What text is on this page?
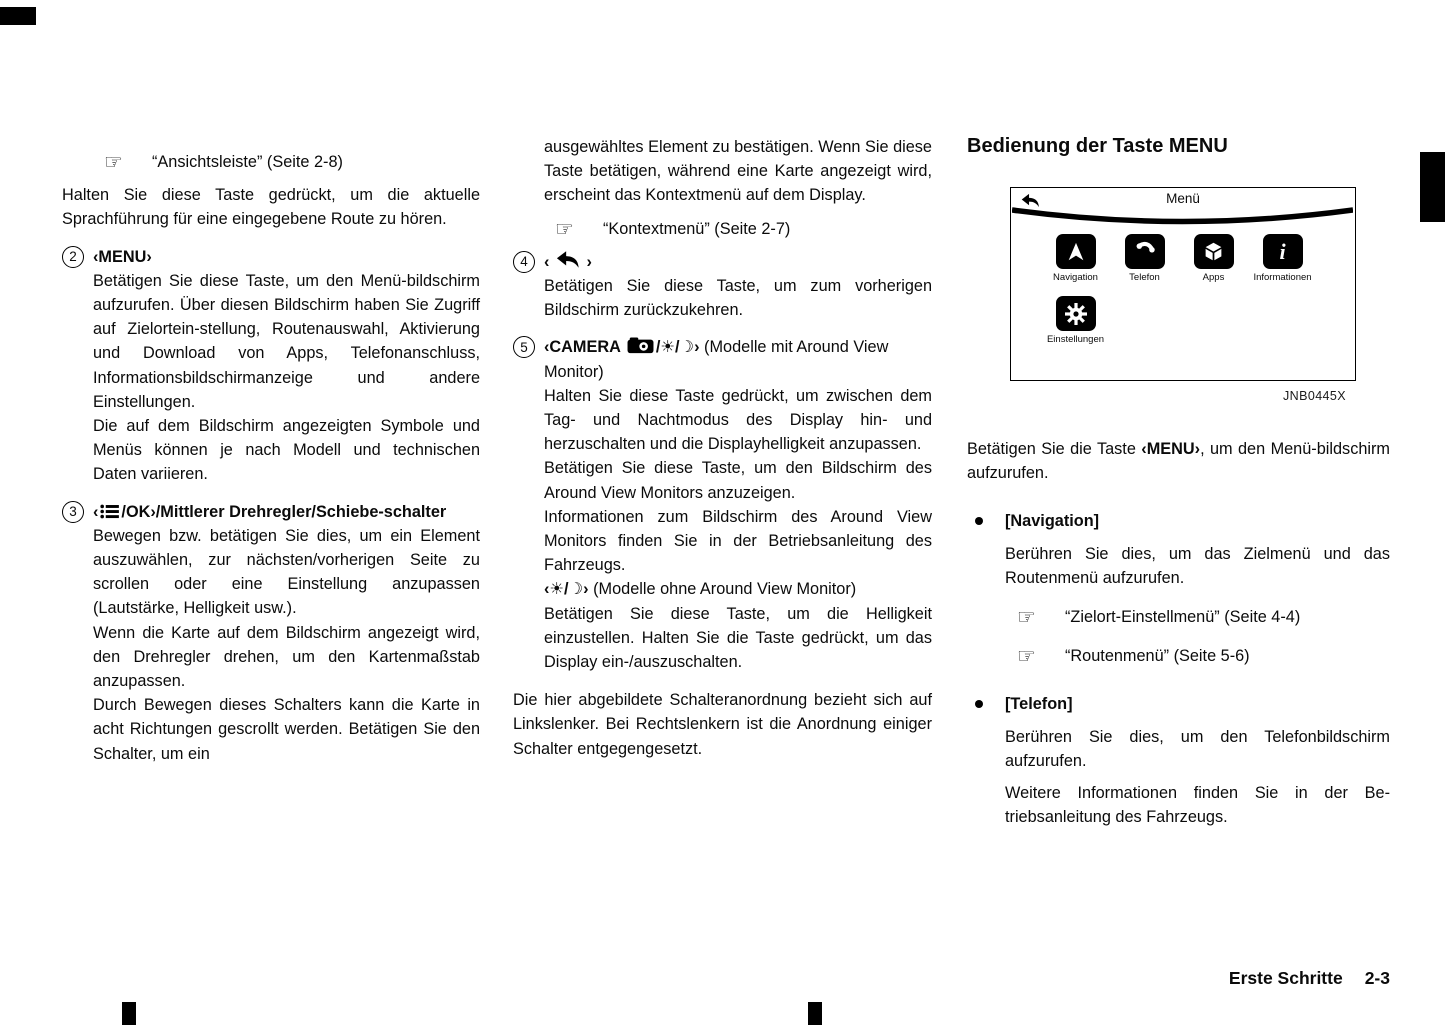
☞	“Ansichtsleiste” (Seite 2-8)

Halten Sie diese Taste gedrückt, um die aktuelle Sprachführung für eine eingegebene Route zu hören.

2 ‹MENU›

Betätigen Sie diese Taste, um den Menü-bildschirm aufzurufen. Über diesen Bildschirm haben Sie Zugriff auf Zielortein-stellung, Routenauswahl, Aktivierung und Download von Apps, Telefonanschluss, Informationsbildschirmanzeige und andere Einstellungen.

Die auf dem Bildschirm angezeigten Symbole und Menüs können je nach Modell und technischen Daten variieren.

3 ‹ /OK›/Mittlerer Drehregler/Schiebe-schalter

Bewegen bzw. betätigen Sie dies, um ein Element auszuwählen, zur nächsten/vorherigen Seite zu scrollen oder eine Einstellung anzupassen (Lautstärke, Helligkeit usw.).

Wenn die Karte auf dem Bildschirm angezeigt wird, den Drehregler drehen, um den Kartenmaßstab anzupassen.

Durch Bewegen dieses Schalters kann die Karte in acht Richtungen gescrollt werden. Betätigen Sie den Schalter, um ein

ausgewähltes Element zu bestätigen. Wenn Sie diese Taste betätigen, während eine Karte angezeigt wird, erscheint das Kontextmenü auf dem Display.

☞	“Kontextmenü” (Seite 2-7)
4 ‹ ›

Betätigen Sie diese Taste, um zum vorherigen Bildschirm zurückzukehren.

5 ‹CAMERA /☀/☽› (Modelle mit Around View Monitor)

Halten Sie diese Taste gedrückt, um zwischen dem Tag- und Nachtmodus des Display hin- und herzuschalten und die Displayhelligkeit anzupassen.

Betätigen Sie diese Taste, um den Bildschirm des Around View Monitors anzuzeigen.

Informationen zum Bildschirm des Around View Monitors finden Sie in der Betriebsanleitung des Fahrzeugs.

‹☀/☽› (Modelle ohne Around View Monitor)

Betätigen Sie diese Taste, um die Helligkeit einzustellen. Halten Sie die Taste gedrückt, um das Display ein-/auszuschalten.

Die hier abgebildete Schalteranordnung bezieht sich auf Linkslenker. Bei Rechtslenkern ist die Anordnung einiger Schalter entgegengesetzt.

Bedienung der Taste MENU
Menü
Navigation	Telefon	Apps
i
Informationen
Einstellungen
JNB0445X

Betätigen Sie die Taste ‹MENU›, um den Menü-bildschirm aufzurufen.

[Navigation]

Berühren Sie dies, um das Zielmenü und das Routenmenü aufzurufen.

☞	“Zielort-Einstellmenü” (Seite 4-4)
☞	“Routenmenü” (Seite 5-6)
[Telefon]

Berühren Sie dies, um den Telefonbildschirm aufzurufen.

Weitere Informationen finden Sie in der Be-triebsanleitung des Fahrzeugs.

Erste Schritte 2-3
